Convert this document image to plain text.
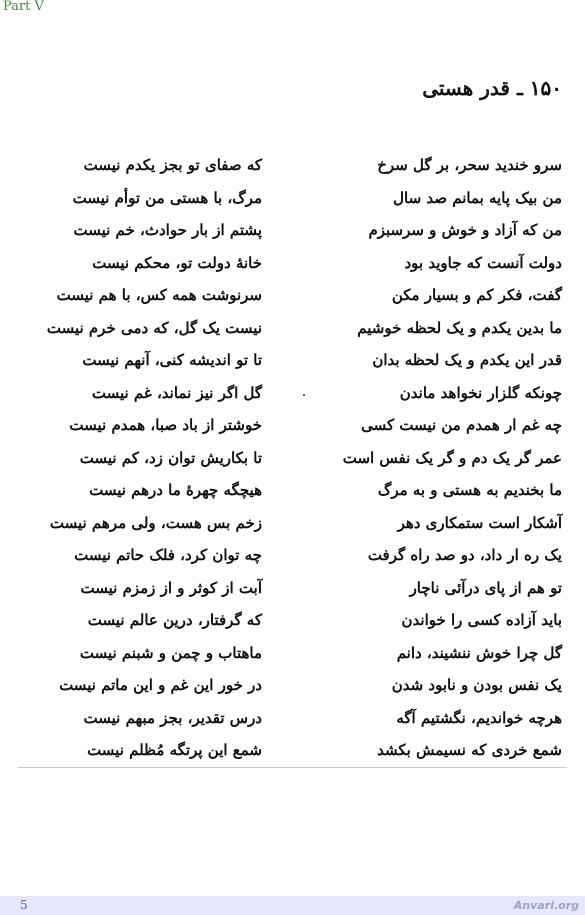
Part V
۱۵۰ ـ قدر هستی
سرو خندید سحر، بر گل سرخ
که صفای تو بجز یکدم نیست
من بیک پایه بمانم صد سال
مرگ، با هستی من توأم نیست
من که آزاد و خوش و سرسبزم
پشتم از بار حوادث، خم نیست
دولت آنست که جاوید بود
خانهٔ دولت تو، محکم نیست
گفت، فکر کم و بسیار مکن
سرنوشت همه کس، با هم نیست
ما بدین یکدم و یک لحظه خوشیم
نیست یک گل، که دمی خرم نیست
قدر این یکدم و یک لحظه بدان
تا تو اندیشه کنی، آنهم نیست
چونکه گلزار نخواهد ماندن
گل اگر نیز نماند، غم نیست
چه غم ار همدم من نیست کسی
خوشتر از باد صبا، همدم نیست
عمر گر یک دم و گر یک نفس است
تا بکاریش توان زد، کم نیست
ما بخندیم به هستی و به مرگ
هیچگه چهرهٔ ما درهم نیست
آشکار است ستمکاری دهر
زخم بس هست، ولی مرهم نیست
یک ره ار داد، دو صد راه گرفت
چه توان کرد، فلک حاتم نیست
تو هم از پای درآئی ناچار
آبت از کوثر و از زمزم نیست
باید آزاده کسی را خواندن
که گرفتار، درین عالم نیست
گل چرا خوش ننشیند، دانم
ماهتاب و چمن و شبنم نیست
یک نفس بودن و نابود شدن
در خور این غم و این ماتم نیست
هرچه خواندیم، نگشتیم آگه
درس تقدیر، بجز مبهم نیست
شمع خردی که نسیمش بکشد
شمع این پرتگه مُظلم نیست
5	Anvari.org
